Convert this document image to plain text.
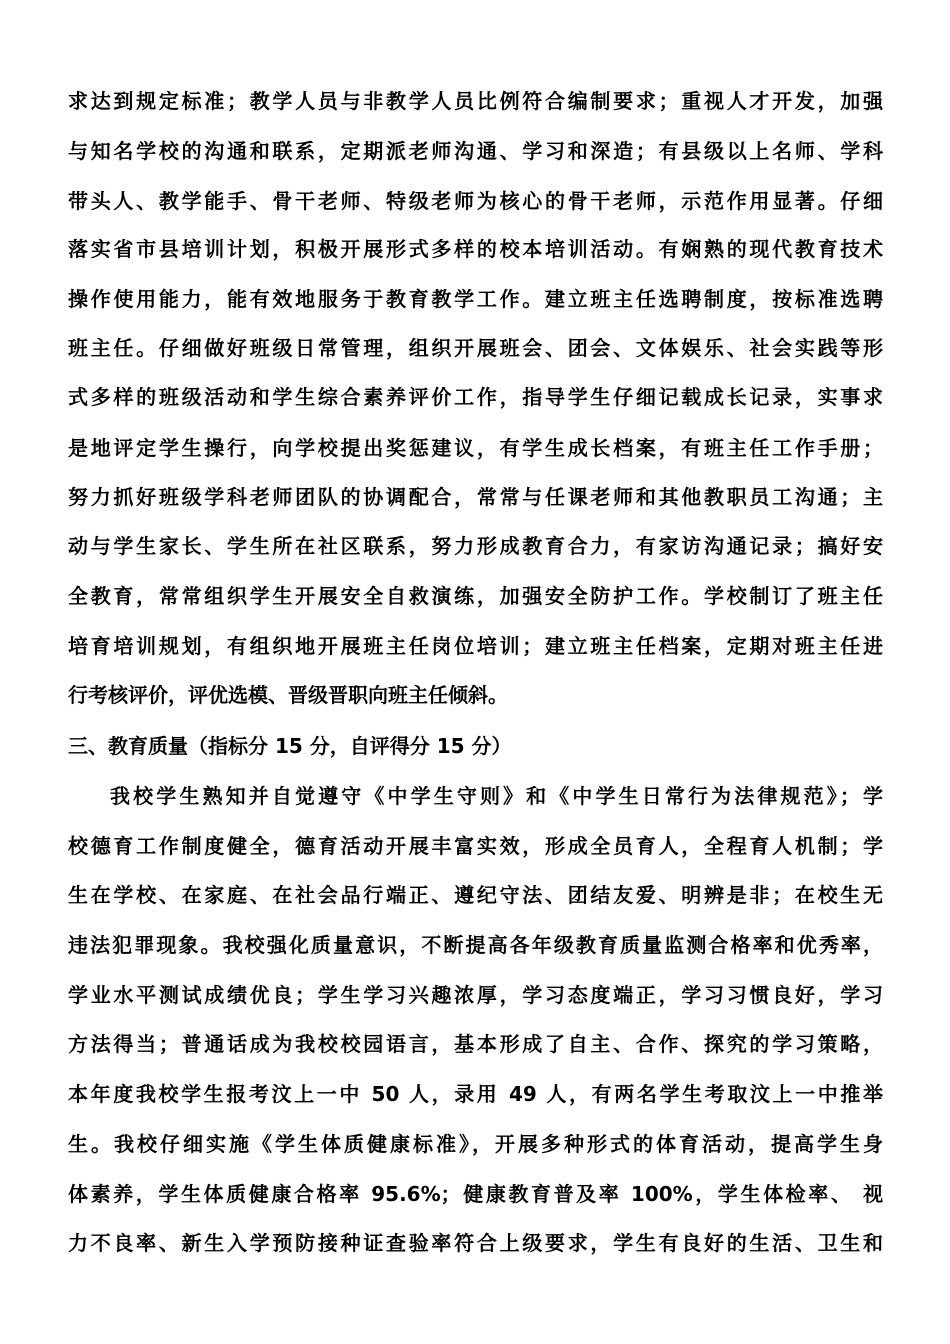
求达到规定标准；教学人员与非教学人员比例符合编制要求；重视人才开发，加强
与知名学校的沟通和联系，定期派老师沟通、学习和深造；有县级以上名师、学科
带头人、教学能手、骨干老师、特级老师为核心的骨干老师，示范作用显著。仔细
落实省市县培训计划，积极开展形式多样的校本培训活动。有娴熟的现代教育技术
操作使用能力，能有效地服务于教育教学工作。建立班主任选聘制度，按标准选聘
班主任。仔细做好班级日常管理，组织开展班会、团会、文体娱乐、社会实践等形
式多样的班级活动和学生综合素养评价工作，指导学生仔细记载成长记录，实事求
是地评定学生操行，向学校提出奖惩建议，有学生成长档案，有班主任工作手册；
努力抓好班级学科老师团队的协调配合，常常与任课老师和其他教职员工沟通；主
动与学生家长、学生所在社区联系，努力形成教育合力，有家访沟通记录；搞好安
全教育，常常组织学生开展安全自救演练，加强安全防护工作。学校制订了班主任
培育培训规划，有组织地开展班主任岗位培训；建立班主任档案，定期对班主任进
行考核评价，评优选模、晋级晋职向班主任倾斜。
三、教育质量（指标分 15 分，自评得分 15 分）
我校学生熟知并自觉遵守《中学生守则》和《中学生日常行为法律规范》；学
校德育工作制度健全，德育活动开展丰富实效，形成全员育人，全程育人机制；学
生在学校、在家庭、在社会品行端正、遵纪守法、团结友爱、明辨是非；在校生无
违法犯罪现象。我校强化质量意识，不断提高各年级教育质量监测合格率和优秀率，
学业水平测试成绩优良；学生学习兴趣浓厚，学习态度端正，学习习惯良好，学习
方法得当；普通话成为我校校园语言，基本形成了自主、合作、探究的学习策略，
本年度我校学生报考汶上一中 50 人，录用 49 人，有两名学生考取汶上一中推举
生。我校仔细实施《学生体质健康标准》，开展多种形式的体育活动，提高学生身
体素养，学生体质健康合格率 95.6%；健康教育普及率 100%，学生体检率、 视
力不良率、新生入学预防接种证查验率符合上级要求，学生有良好的生活、卫生和
